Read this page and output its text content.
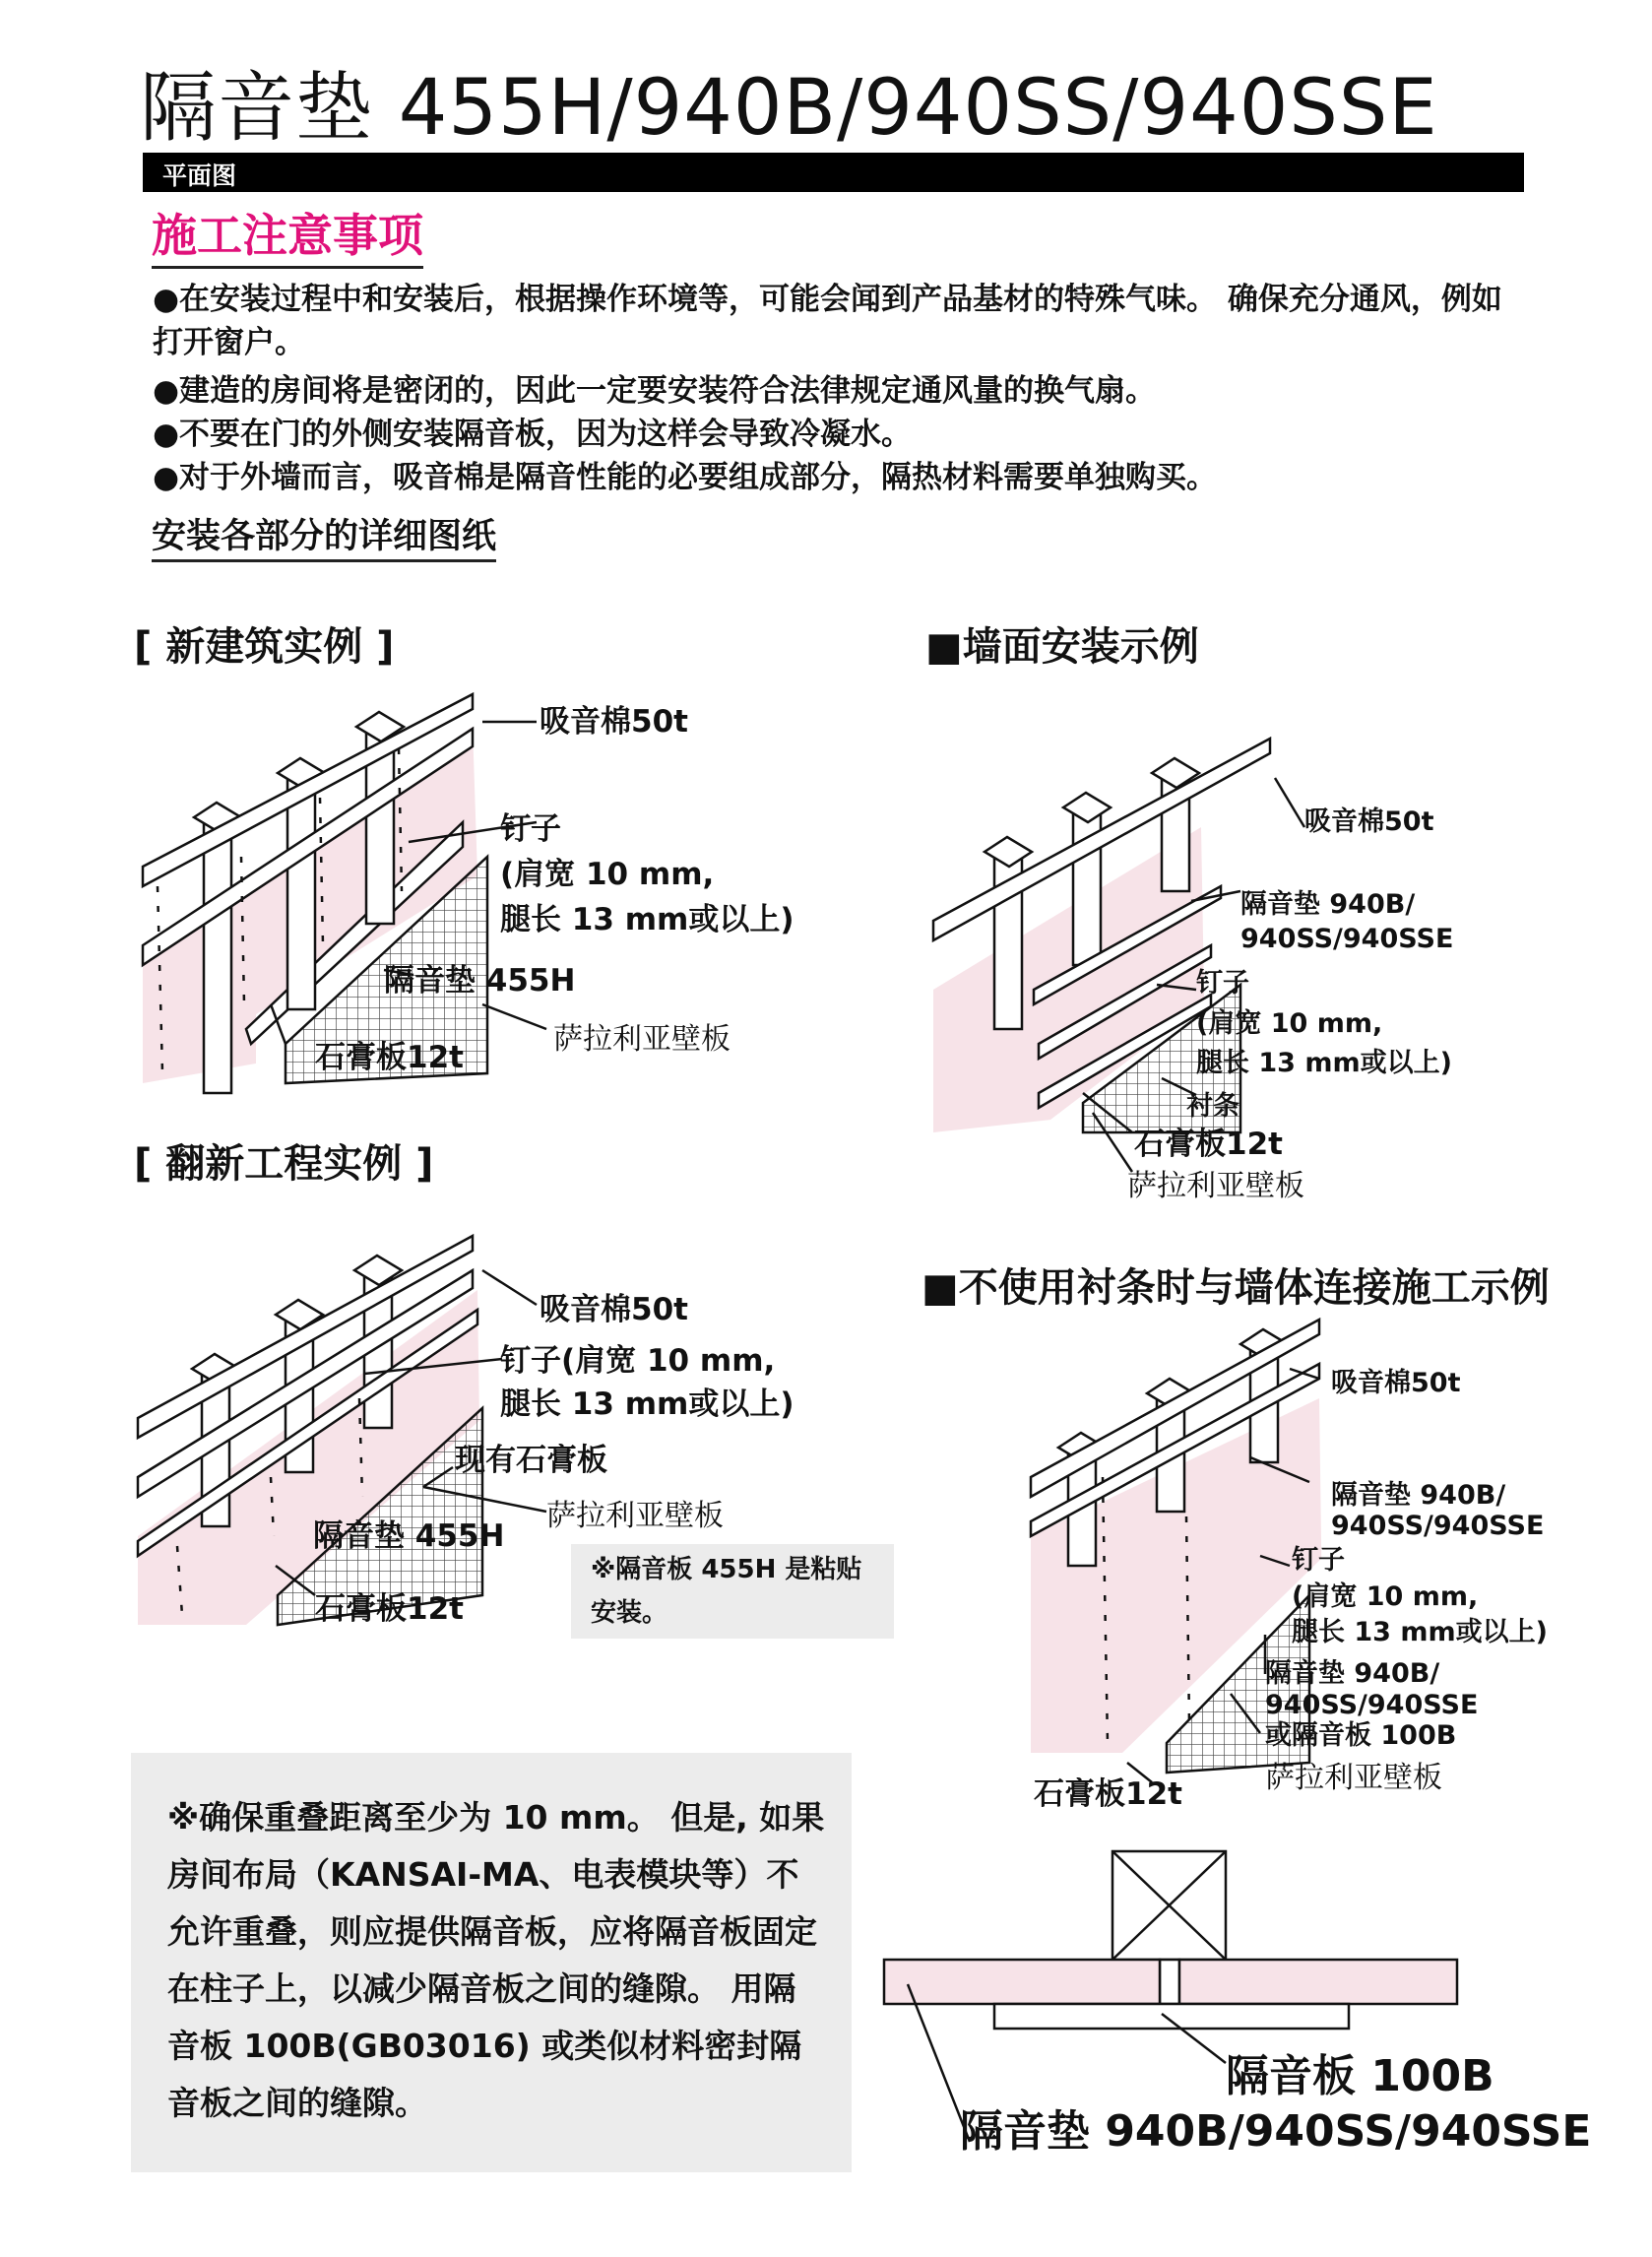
隔音垫 455H/940B/940SS/940SSE
平面图
施工注意事项
●在安装过程中和安装后，根据操作环境等，可能会闻到产品基材的特殊气味。 确保充分通风，例如打开窗户。
●建造的房间将是密闭的，因此一定要安装符合法律规定通风量的换气扇。
●不要在门的外侧安装隔音板，因为这样会导致冷凝水。
●对于外墙而言，吸音棉是隔音性能的必要组成部分，隔热材料需要单独购买。
安装各部分的详细图纸
[ 新建筑实例 ]
吸音棉50t
钉子
(肩宽 10 mm,
腿长 13 mm或以上)
隔音垫 455H
萨拉利亚壁板
石膏板12t
[ 翻新工程实例 ]
吸音棉50t
钉子(肩宽 10 mm,
腿长 13 mm或以上)
现有石膏板
萨拉利亚壁板
隔音垫 455H
石膏板12t
※隔音板 455H 是粘贴安装。
■墙面安装示例
吸音棉50t
隔音垫 940B/
940SS/940SSE
钉子
(肩宽 10 mm,
腿长 13 mm或以上)
衬条
石膏板12t
萨拉利亚壁板
■不使用衬条时与墙体连接施工示例
吸音棉50t
隔音垫 940B/
940SS/940SSE
钉子
(肩宽 10 mm,
腿长 13 mm或以上)
隔音垫 940B/
940SS/940SSE
或隔音板 100B
萨拉利亚壁板
石膏板12t
※确保重叠距离至少为 10 mm。 但是, 如果房间布局（KANSAI-MA、电表模块等）不允许重叠，则应提供隔音板，应将隔音板固定在柱子上，以减少隔音板之间的缝隙。 用隔音板 100B(GB03016) 或类似材料密封隔音板之间的缝隙。
隔音板 100B
隔音垫 940B/940SS/940SSE
